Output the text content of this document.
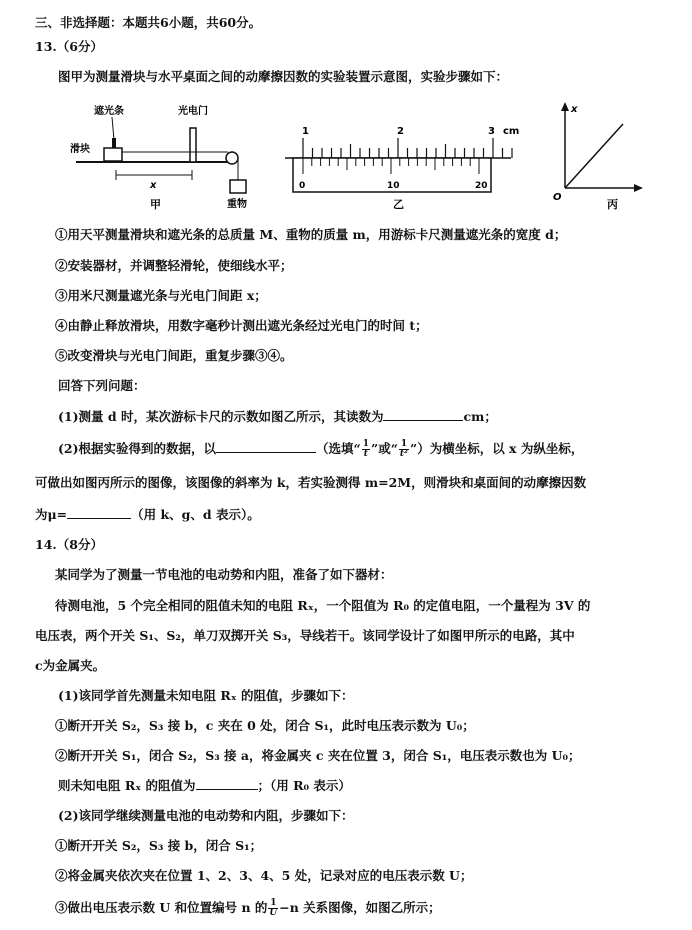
三、非选择题：本题共6小题，共60分。
13.（6分）
图甲为测量滑块与水平桌面之间的动摩擦因数的实验装置示意图，实验步骤如下：
遮光条	光电门
滑块
x
重物
甲
1	2	3 cm
0	10	20
乙
x
O
丙
①用天平测量滑块和遮光条的总质量 M、重物的质量 m，用游标卡尺测量遮光条的宽度 d；
②安装器材，并调整轻滑轮，使细线水平；
③用米尺测量遮光条与光电门间距 x；
④由静止释放滑块，用数字毫秒计测出遮光条经过光电门的时间 t；
⑤改变滑块与光电门间距，重复步骤③④。
回答下列问题：
(1)测量 d 时，某次游标卡尺的示数如图乙所示，其读数为	cm；
(2)根据实验得到的数据，以	（选填“ $\frac{1}{t}$ ”或“ $\frac{1}{\text{t²}}$ ”）为横坐标，以 x 为纵坐标，
可做出如图丙所示的图像，该图像的斜率为 k，若实验测得 m=2M，则滑块和桌面间的动摩擦因数
为μ=	（用 k、g、d 表示）。
14.（8分）
某同学为了测量一节电池的电动势和内阻，准备了如下器材：
待测电池，5 个完全相同的阻值未知的电阻 Rₓ，一个阻值为 R₀ 的定值电阻，一个量程为 3V 的
电压表，两个开关 S₁、S₂，单刀双掷开关 S₃，导线若干。该同学设计了如图甲所示的电路，其中
c为金属夹。
(1)该同学首先测量未知电阻 Rₓ 的阻值，步骤如下：
①断开开关 S₂，S₃ 接 b，c 夹在 0 处，闭合 S₁，此时电压表示数为 U₀；
②断开开关 S₁，闭合 S₂，S₃ 接 a，将金属夹 c 夹在位置 3，闭合 S₁，电压表示数也为 U₀；
则未知电阻 Rₓ 的阻值为	；（用 R₀ 表示）
(2)该同学继续测量电池的电动势和内阻，步骤如下：
①断开开关 S₂，S₃ 接 b，闭合 S₁；
②将金属夹依次夹在位置 1、2、3、4、5 处，记录对应的电压表示数 U；
③做出电压表示数 U 和位置编号 n 的 $\frac{1}{U} -n$ 关系图像，如图乙所示；
